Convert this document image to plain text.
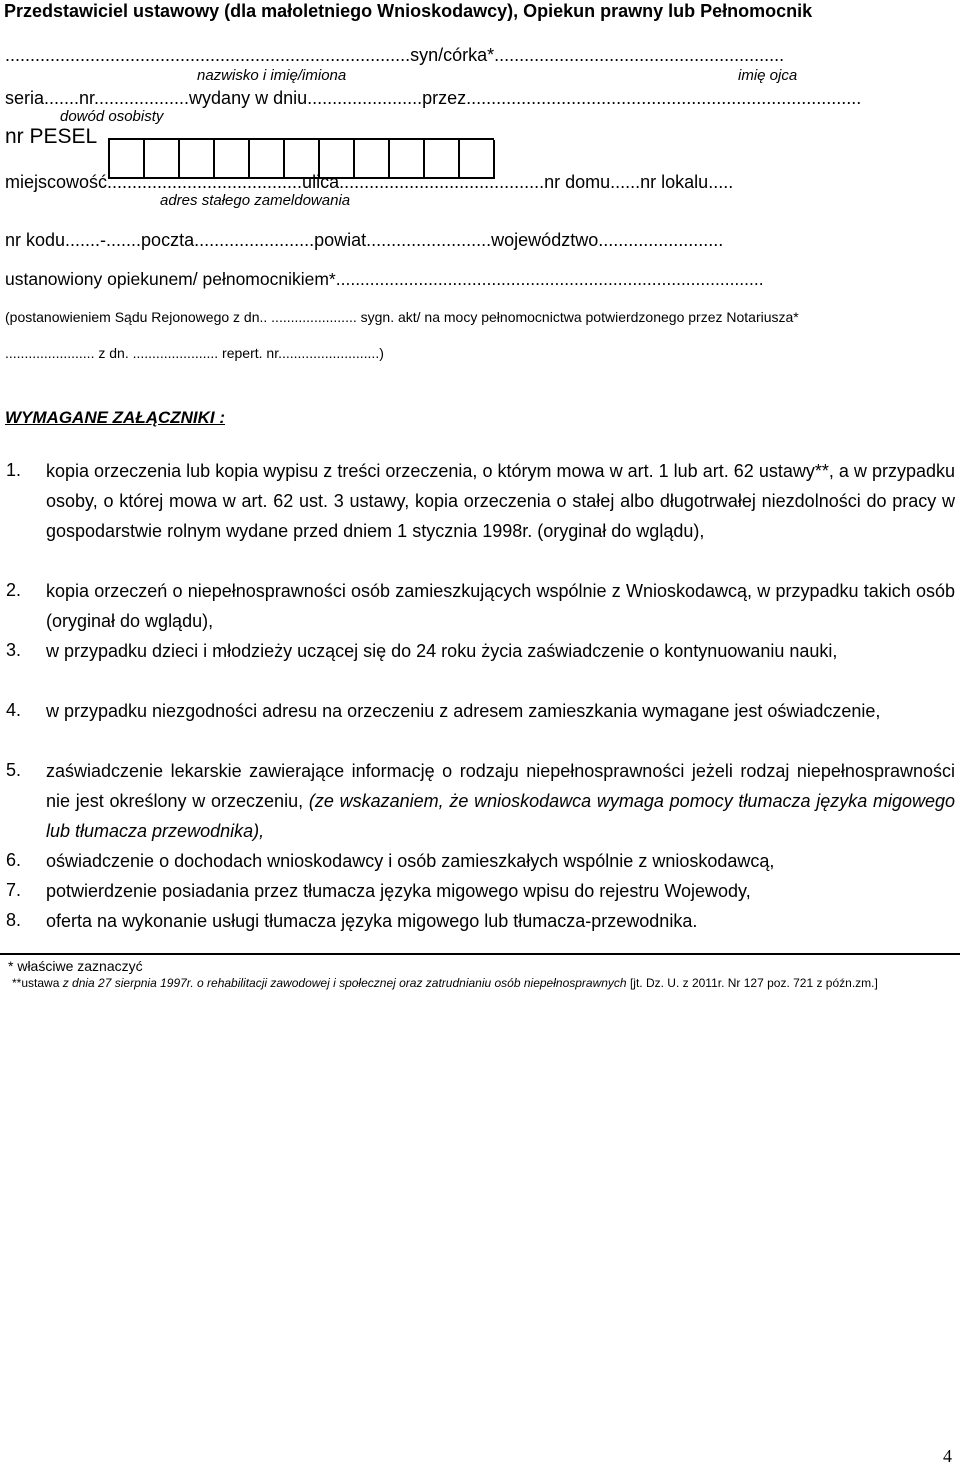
Przedstawiciel ustawowy (dla małoletniego Wnioskodawcy), Opiekun prawny lub Pełnomocnik
.................................................................................syn/córka*..........................................................
nazwisko i imię/imiona	imię ojca
seria.......nr...................wydany w dniu.......................przez...............................................................................
dowód osobisty
nr PESEL
miejscowość.......................................ulica.........................................nr domu......nr lokalu.....
adres stałego zameldowania
nr kodu.......-.......poczta........................powiat.........................województwo.........................
ustanowiony opiekunem/ pełnomocnikiem*........................................................................................
(postanowieniem Sądu Rejonowego z dn.. ...................... sygn. akt/ na mocy pełnomocnictwa potwierdzonego przez Notariusza*
....................... z dn. ...................... repert. nr..........................)
WYMAGANE ZAŁĄCZNIKI :
1. kopia orzeczenia lub kopia wypisu z treści orzeczenia, o którym mowa w art. 1 lub art. 62 ustawy**, a w przypadku osoby, o której mowa w art. 62 ust. 3 ustawy, kopia orzeczenia o stałej albo długotrwałej niezdolności do pracy w gospodarstwie rolnym wydane przed dniem 1 stycznia 1998r. (oryginał do wglądu),
2. kopia orzeczeń o niepełnosprawności osób zamieszkujących wspólnie z Wnioskodawcą, w przypadku takich osób (oryginał do wglądu),
3. w przypadku dzieci i młodzieży uczącej się do 24 roku życia zaświadczenie o kontynuowaniu nauki,
4. w przypadku niezgodności adresu na orzeczeniu z adresem zamieszkania wymagane jest oświadczenie,
5. zaświadczenie lekarskie zawierające informację o rodzaju niepełnosprawności jeżeli rodzaj niepełnosprawności nie jest określony w orzeczeniu, (ze wskazaniem, że wnioskodawca wymaga pomocy tłumacza języka migowego lub tłumacza przewodnika),
6. oświadczenie o dochodach wnioskodawcy i osób zamieszkałych wspólnie z wnioskodawcą,
7. potwierdzenie posiadania przez tłumacza języka migowego wpisu do rejestru Wojewody,
8. oferta na wykonanie usługi tłumacza języka migowego lub tłumacza-przewodnika.
* właściwe zaznaczyć
**ustawa z dnia 27 sierpnia 1997r. o rehabilitacji zawodowej i społecznej oraz zatrudnianiu osób niepełnosprawnych [jt. Dz. U. z 2011r. Nr 127 poz. 721 z późn.zm.]
4
